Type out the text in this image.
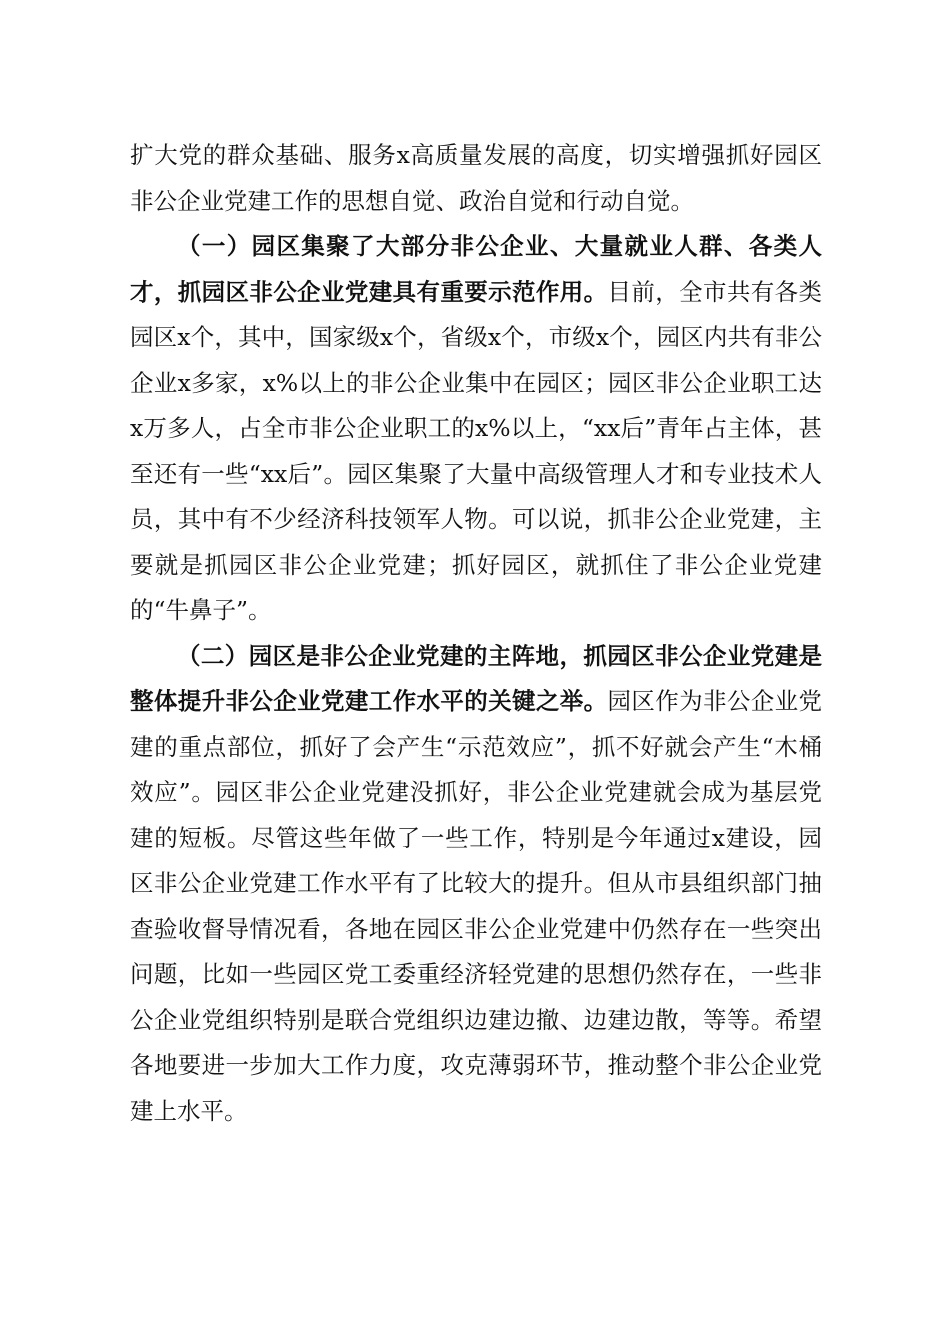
扩大党的群众基础、服务x高质量发展的高度，切实增强抓好园区非公企业党建工作的思想自觉、政治自觉和行动自觉。

（一）园区集聚了大部分非公企业、大量就业人群、各类人才，抓园区非公企业党建具有重要示范作用。目前，全市共有各类园区x个，其中，国家级x个，省级x个，市级x个，园区内共有非公企业x多家，x%以上的非公企业集中在园区；园区非公企业职工达x万多人，占全市非公企业职工的x%以上，“xx后”青年占主体，甚至还有一些“xx后”。园区集聚了大量中高级管理人才和专业技术人员，其中有不少经济科技领军人物。可以说，抓非公企业党建，主要就是抓园区非公企业党建；抓好园区，就抓住了非公企业党建的“牛鼻子”。

（二）园区是非公企业党建的主阵地，抓园区非公企业党建是整体提升非公企业党建工作水平的关键之举。园区作为非公企业党建的重点部位，抓好了会产生“示范效应”，抓不好就会产生“木桶效应”。园区非公企业党建没抓好，非公企业党建就会成为基层党建的短板。尽管这些年做了一些工作，特别是今年通过x建设，园区非公企业党建工作水平有了比较大的提升。但从市县组织部门抽查验收督导情况看，各地在园区非公企业党建中仍然存在一些突出问题，比如一些园区党工委重经济轻党建的思想仍然存在，一些非公企业党组织特别是联合党组织边建边撤、边建边散，等等。希望各地要进一步加大工作力度，攻克薄弱环节，推动整个非公企业党建上水平。
